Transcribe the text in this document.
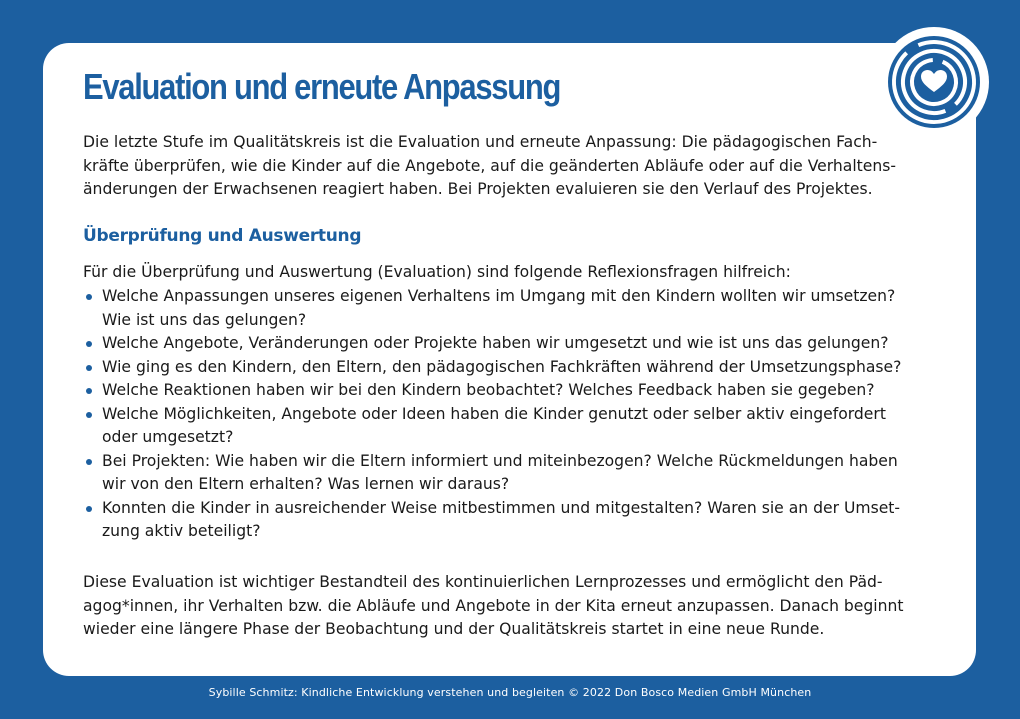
Evaluation und erneute Anpassung
Die letzte Stufe im Qualitätskreis ist die Evaluation und erneute Anpassung: Die pädagogischen Fach-
kräfte überprüfen, wie die Kinder auf die Angebote, auf die geänderten Abläufe oder auf die Verhaltens-
änderungen der Erwachsenen reagiert haben. Bei Projekten evaluieren sie den Verlauf des Projektes.
Überprüfung und Auswertung
Für die Überprüfung und Auswertung (Evaluation) sind folgende Reflexionsfragen hilfreich:
Welche Anpassungen unseres eigenen Verhaltens im Umgang mit den Kindern wollten wir umsetzen?
Wie ist uns das gelungen?
Welche Angebote, Veränderungen oder Projekte haben wir umgesetzt und wie ist uns das gelungen?
Wie ging es den Kindern, den Eltern, den pädagogischen Fachkräften während der Umsetzungsphase?
Welche Reaktionen haben wir bei den Kindern beobachtet? Welches Feedback haben sie gegeben?
Welche Möglichkeiten, Angebote oder Ideen haben die Kinder genutzt oder selber aktiv eingefordert
oder umgesetzt?
Bei Projekten: Wie haben wir die Eltern informiert und miteinbezogen? Welche Rückmeldungen haben
wir von den Eltern erhalten? Was lernen wir daraus?
Konnten die Kinder in ausreichender Weise mitbestimmen und mitgestalten? Waren sie an der Umset-
zung aktiv beteiligt?
Diese Evaluation ist wichtiger Bestandteil des kontinuierlichen Lernprozesses und ermöglicht den Päd-
agog*innen, ihr Verhalten bzw. die Abläufe und Angebote in der Kita erneut anzupassen. Danach beginnt
wieder eine längere Phase der Beobachtung und der Qualitätskreis startet in eine neue Runde.
Sybille Schmitz: Kindliche Entwicklung verstehen und begleiten © 2022 Don Bosco Medien GmbH München
